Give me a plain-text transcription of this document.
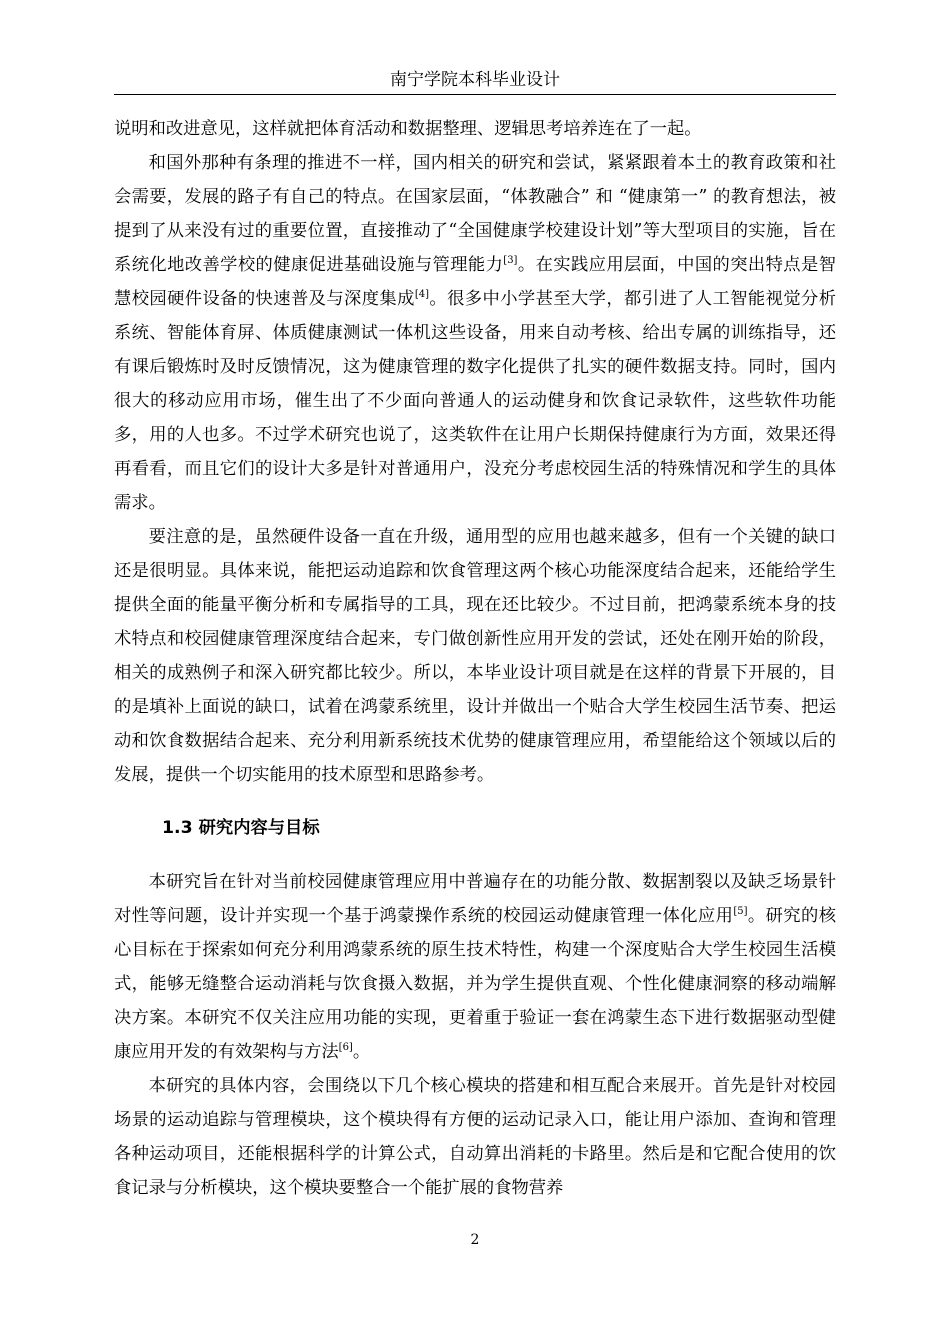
南宁学院本科毕业设计

说明和改进意见，这样就把体育活动和数据整理、逻辑思考培养连在了一起。

和国外那种有条理的推进不一样，国内相关的研究和尝试，紧紧跟着本土的教育政策和社会需要，发展的路子有自己的特点。在国家层面，“体教融合” 和 “健康第一” 的教育想法，被提到了从来没有过的重要位置，直接推动了“全国健康学校建设计划”等大型项目的实施，旨在系统化地改善学校的健康促进基础设施与管理能力[3]。在实践应用层面，中国的突出特点是智慧校园硬件设备的快速普及与深度集成[4]。很多中小学甚至大学，都引进了人工智能视觉分析系统、智能体育屏、体质健康测试一体机这些设备，用来自动考核、给出专属的训练指导，还有课后锻炼时及时反馈情况，这为健康管理的数字化提供了扎实的硬件数据支持。同时，国内很大的移动应用市场，催生出了不少面向普通人的运动健身和饮食记录软件，这些软件功能多，用的人也多。不过学术研究也说了，这类软件在让用户长期保持健康行为方面，效果还得再看看，而且它们的设计大多是针对普通用户，没充分考虑校园生活的特殊情况和学生的具体需求。

要注意的是，虽然硬件设备一直在升级，通用型的应用也越来越多，但有一个关键的缺口还是很明显。具体来说，能把运动追踪和饮食管理这两个核心功能深度结合起来，还能给学生提供全面的能量平衡分析和专属指导的工具，现在还比较少。不过目前，把鸿蒙系统本身的技术特点和校园健康管理深度结合起来，专门做创新性应用开发的尝试，还处在刚开始的阶段，相关的成熟例子和深入研究都比较少。所以，本毕业设计项目就是在这样的背景下开展的，目的是填补上面说的缺口，试着在鸿蒙系统里，设计并做出一个贴合大学生校园生活节奏、把运动和饮食数据结合起来、充分利用新系统技术优势的健康管理应用，希望能给这个领域以后的发展，提供一个切实能用的技术原型和思路参考。

1.3 研究内容与目标

本研究旨在针对当前校园健康管理应用中普遍存在的功能分散、数据割裂以及缺乏场景针对性等问题，设计并实现一个基于鸿蒙操作系统的校园运动健康管理一体化应用[5]。研究的核心目标在于探索如何充分利用鸿蒙系统的原生技术特性，构建一个深度贴合大学生校园生活模式，能够无缝整合运动消耗与饮食摄入数据，并为学生提供直观、个性化健康洞察的移动端解决方案。本研究不仅关注应用功能的实现，更着重于验证一套在鸿蒙生态下进行数据驱动型健康应用开发的有效架构与方法[6]。

本研究的具体内容，会围绕以下几个核心模块的搭建和相互配合来展开。首先是针对校园场景的运动追踪与管理模块，这个模块得有方便的运动记录入口，能让用户添加、查询和管理各种运动项目，还能根据科学的计算公式，自动算出消耗的卡路里。然后是和它配合使用的饮食记录与分析模块，这个模块要整合一个能扩展的食物营养

2
